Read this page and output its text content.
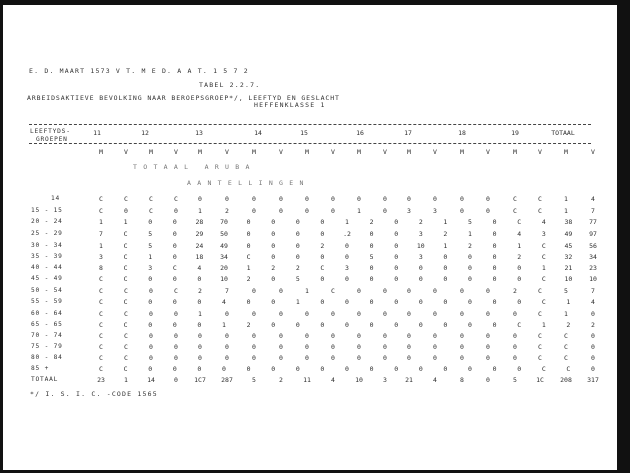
E. D. MAART 1573 V T. M E D. A A T. 1 5 7 2
TABEL 2.2.7.
ARBEIDSAKTIEVE BEVOLKING NAAR BEROEPSGROEP*/, LEEFTYD EN GESLACHT
HEFFENKLASSE 1
LEEFTYDS-
GROEPEN
11	12	13	14	15	16	17	18	19	TOTAAL
M	V	M	V	M	V	M	V	M	V	M	V	M	V	M	V	M	V	M	V
T O T A A L   A R U B A
A A N T E L L I N G E N
14	C	C	C	C	0	0	0	0	0	0	0	0	0	0	0	0	C	C	1	4
15 - 15	C	0	C	0	1	2	0	0	0	0	1	0	3	3	0	0	C	C	1	7
20 - 24	1	1	0	0	28	70	0	0	0	0	1	2	0	2	1	5	0	C	4	38	77
25 - 29	7	C	5	0	29	50	0	0	0	0	.2	0	0	3	2	1	0	4	3	49	97
30 - 34	1	C	5	0	24	49	0	0	0	2	0	0	0	10	1	2	0	1	C	45	56
35 - 39	3	C	1	0	18	34	C	0	0	0	0	5	0	3	0	0	0	2	C	32	34
40 - 44	8	C	3	C	4	20	1	2	2	C	3	0	0	0	0	0	0	0	1	21	23
45 - 49	C	C	0	0	0	10	2	0	5	0	0	0	0	0	0	0	0	0	C	10	10
50 - 54	C	C	0	C	2	7	0	0	1	C	0	0	0	0	0	0	2	C	5	7
55 - 59	C	C	0	0	0	4	0	0	1	0	0	0	0	0	0	0	0	0	C	1	4
60 - 64	C	C	0	0	1	0	0	0	0	0	0	0	0	0	0	0	0	C	1	0
65 - 65	C	C	0	0	0	1	2	0	0	0	0	0	0	0	0	0	0	C	1	2	2
70 - 74	C	C	0	0	0	0	0	0	0	0	0	0	0	0	0	0	0	C	C	0
75 - 79	C	C	0	0	0	0	0	0	0	0	0	0	0	0	0	0	0	C	C	0
80 - 84	C	C	0	0	0	0	0	0	0	0	0	0	0	0	0	0	0	C	C	0
85 +	C	C	0	0	0	0	0	0	0	0	0	0	0	0	0	0	0	0	C	C	0
TOTAAL	23	1	14	0	1C7	287	5	2	11	4	10	3	21	4	8	0	5	1C	208	317
*/ I. S. I. C. -CODE 1565
